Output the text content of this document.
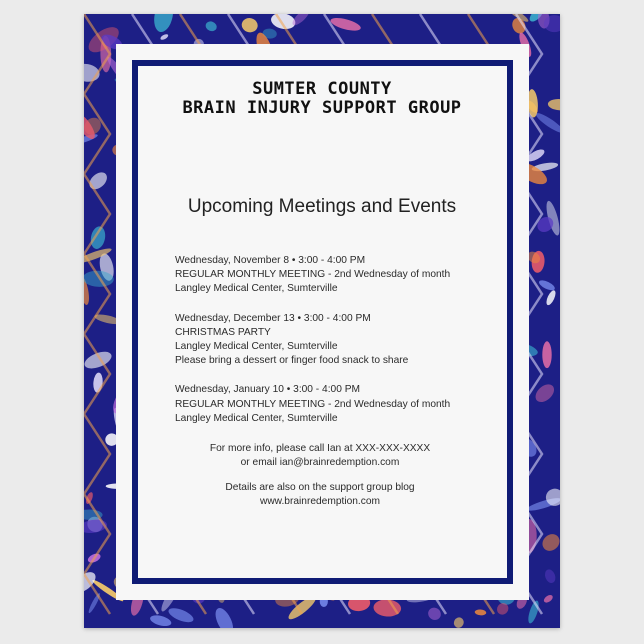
SUMTER COUNTY
BRAIN INJURY SUPPORT GROUP
Upcoming Meetings and Events
Wednesday, November 8 • 3:00 - 4:00 PM
REGULAR MONTHLY MEETING - 2nd Wednesday of month
Langley Medical Center, Sumterville
Wednesday, December 13 • 3:00 - 4:00 PM
CHRISTMAS PARTY
Langley Medical Center, Sumterville
Please bring a dessert or finger food snack to share
Wednesday, January 10 • 3:00 - 4:00 PM
REGULAR MONTHLY MEETING - 2nd Wednesday of month
Langley Medical Center, Sumterville
For more info, please call Ian at XXX-XXX-XXXX
or email ian@brainredemption.com
Details are also on the support group blog
www.brainredemption.com
